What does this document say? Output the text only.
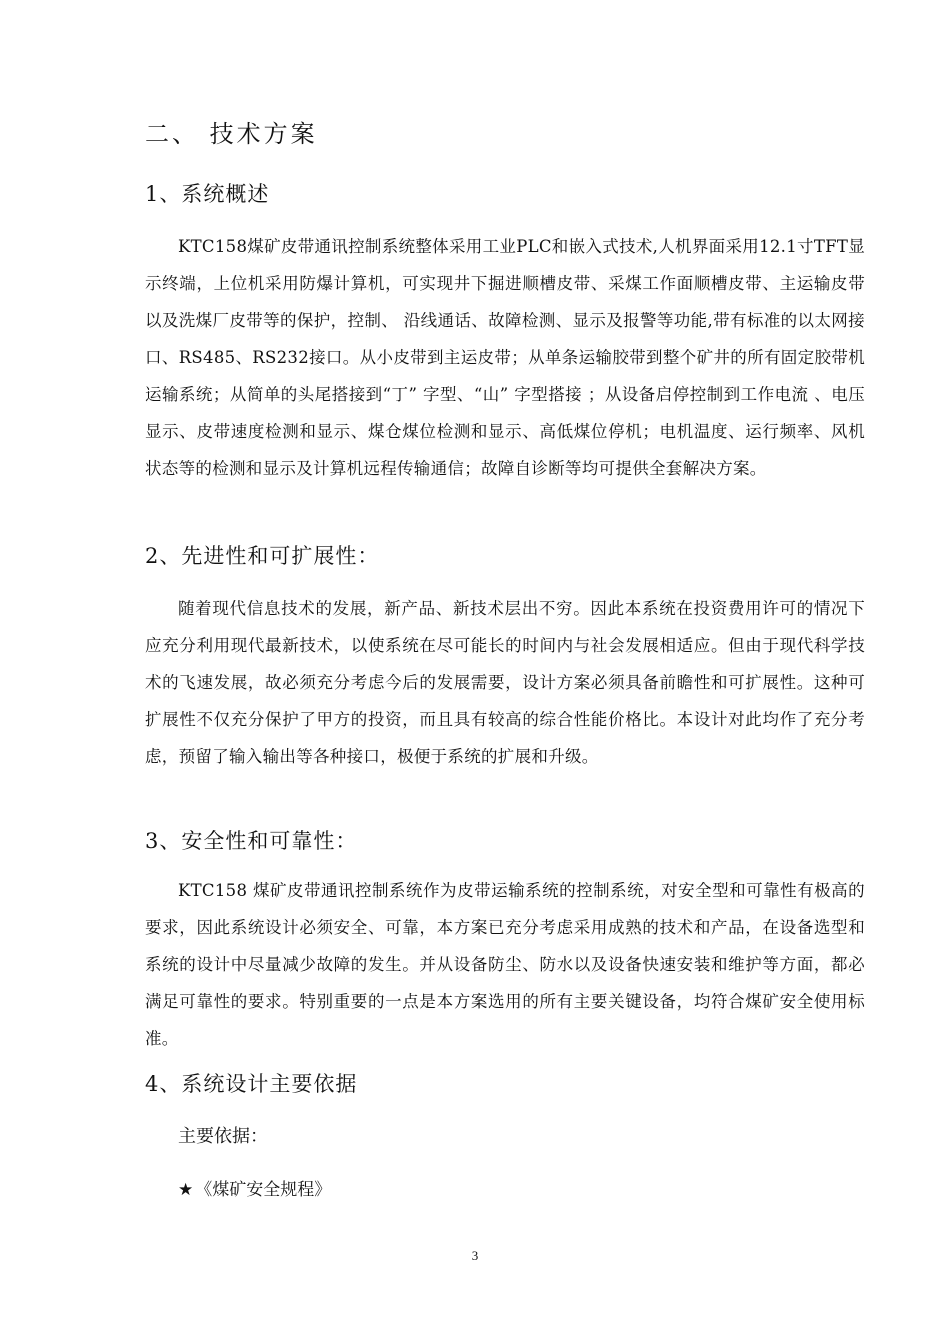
二、 技术方案
1、系统概述

KTC158煤矿皮带通讯控制系统整体采用工业PLC和嵌入式技术,人机界面采用12.1寸TFT显示终端，上位机采用防爆计算机，可实现井下掘进顺槽皮带、采煤工作面顺槽皮带、主运输皮带以及洗煤厂皮带等的保护，控制、 沿线通话、故障检测、显示及报警等功能,带有标准的以太网接口、RS485、RS232接口。从小皮带到主运皮带；从单条运输胶带到整个矿井的所有固定胶带机运输系统；从简单的头尾搭接到“丁” 字型、“山” 字型搭接 ；从设备启停控制到工作电流 、电压显示、皮带速度检测和显示、煤仓煤位检测和显示、高低煤位停机；电机温度、运行频率、风机状态等的检测和显示及计算机远程传输通信；故障自诊断等均可提供全套解决方案。

2、先进性和可扩展性：

随着现代信息技术的发展，新产品、新技术层出不穷。因此本系统在投资费用许可的情况下应充分利用现代最新技术，以使系统在尽可能长的时间内与社会发展相适应。但由于现代科学技术的飞速发展，故必须充分考虑今后的发展需要，设计方案必须具备前瞻性和可扩展性。这种可扩展性不仅充分保护了甲方的投资，而且具有较高的综合性能价格比。本设计对此均作了充分考虑，预留了输入输出等各种接口，极便于系统的扩展和升级。

3、安全性和可靠性：

KTC158 煤矿皮带通讯控制系统作为皮带运输系统的控制系统，对安全型和可靠性有极高的要求，因此系统设计必须安全、可靠，本方案已充分考虑采用成熟的技术和产品，在设备选型和系统的设计中尽量减少故障的发生。并从设备防尘、防水以及设备快速安装和维护等方面，都必满足可靠性的要求。特别重要的一点是本方案选用的所有主要关键设备，均符合煤矿安全使用标准。

4、系统设计主要依据

主要依据：

★ 《煤矿安全规程》

3
